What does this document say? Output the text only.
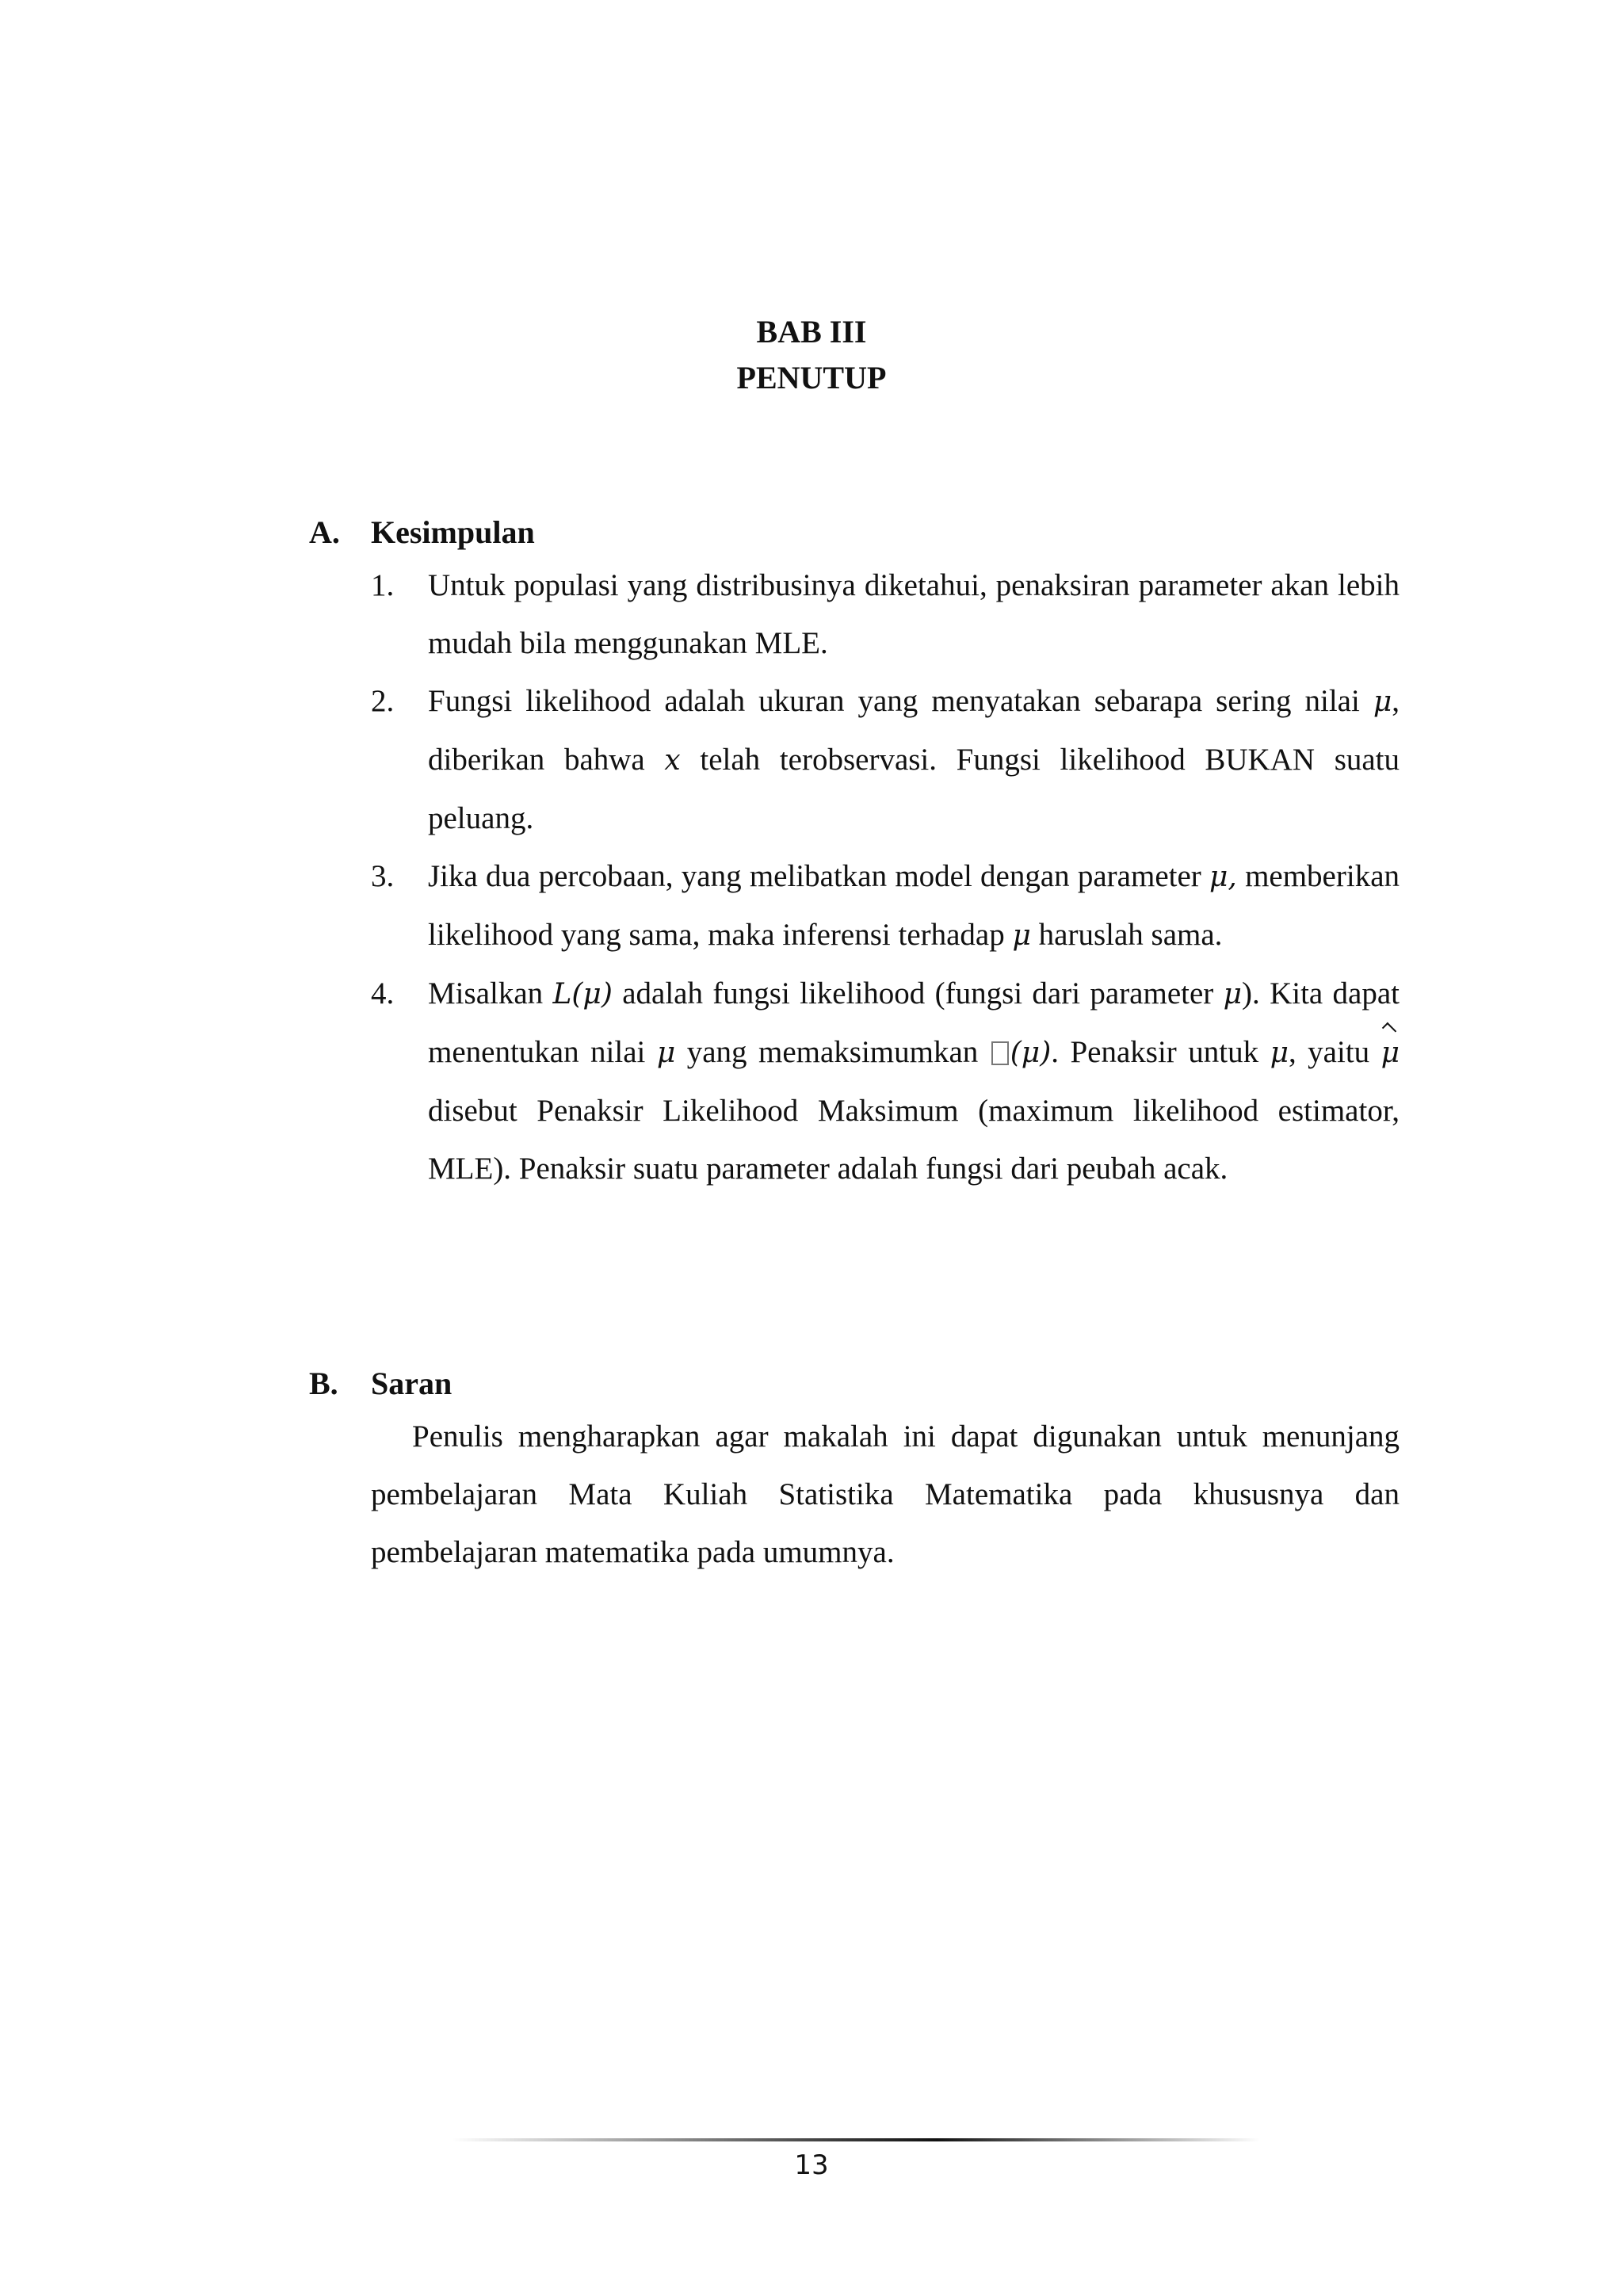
BAB III
PENUTUP
A. Kesimpulan
1.	Untuk populasi yang distribusinya diketahui, penaksiran parameter akan lebih mudah bila menggunakan MLE.
2.	Fungsi likelihood adalah ukuran yang menyatakan sebarapa sering nilai μ, diberikan bahwa x telah terobservasi. Fungsi likelihood BUKAN suatu peluang.
3.	Jika dua percobaan, yang melibatkan model dengan parameter μ, memberikan likelihood yang sama, maka inferensi terhadap μ haruslah sama.
4.	Misalkan L(μ) adalah fungsi likelihood (fungsi dari parameter μ). Kita dapat menentukan nilai μ yang memaksimumkan (μ). Penaksir untuk μ, yaitu μ disebut Penaksir Likelihood Maksimum (maximum likelihood estimator, MLE). Penaksir suatu parameter adalah fungsi dari peubah acak.
B.	Saran
Penulis mengharapkan agar makalah ini dapat digunakan untuk menunjang pembelajaran Mata Kuliah Statistika Matematika pada khususnya dan pembelajaran matematika pada umumnya.
13
